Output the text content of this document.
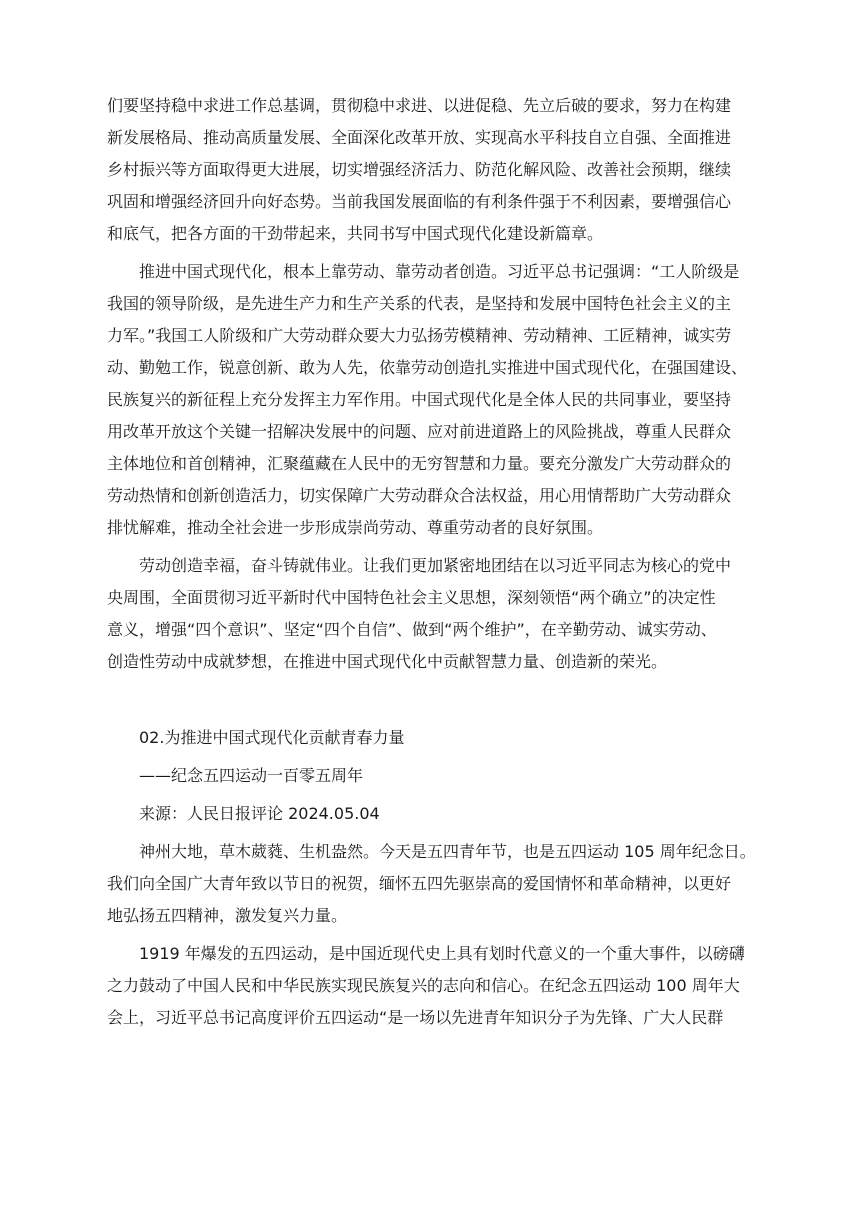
们要坚持稳中求进工作总基调，贯彻稳中求进、以进促稳、先立后破的要求，努力在构建
新发展格局、推动高质量发展、全面深化改革开放、实现高水平科技自立自强、全面推进
乡村振兴等方面取得更大进展，切实增强经济活力、防范化解风险、改善社会预期，继续
巩固和增强经济回升向好态势。当前我国发展面临的有利条件强于不利因素，要增强信心
和底气，把各方面的干劲带起来，共同书写中国式现代化建设新篇章。
推进中国式现代化，根本上靠劳动、靠劳动者创造。习近平总书记强调：“工人阶级是
我国的领导阶级，是先进生产力和生产关系的代表，是坚持和发展中国特色社会主义的主
力军。”我国工人阶级和广大劳动群众要大力弘扬劳模精神、劳动精神、工匠精神，诚实劳
动、勤勉工作，锐意创新、敢为人先，依靠劳动创造扎实推进中国式现代化，在强国建设、
民族复兴的新征程上充分发挥主力军作用。中国式现代化是全体人民的共同事业，要坚持
用改革开放这个关键一招解决发展中的问题、应对前进道路上的风险挑战，尊重人民群众
主体地位和首创精神，汇聚蕴藏在人民中的无穷智慧和力量。要充分激发广大劳动群众的
劳动热情和创新创造活力，切实保障广大劳动群众合法权益，用心用情帮助广大劳动群众
排忧解难，推动全社会进一步形成崇尚劳动、尊重劳动者的良好氛围。
劳动创造幸福，奋斗铸就伟业。让我们更加紧密地团结在以习近平同志为核心的党中
央周围，全面贯彻习近平新时代中国特色社会主义思想，深刻领悟“两个确立”的决定性
意义，增强“四个意识”、坚定“四个自信”、做到“两个维护”，在辛勤劳动、诚实劳动、
创造性劳动中成就梦想，在推进中国式现代化中贡献智慧力量、创造新的荣光。
02.为推进中国式现代化贡献青春力量
——纪念五四运动一百零五周年
来源：人民日报评论 2024.05.04
神州大地，草木葳蕤、生机盎然。今天是五四青年节，也是五四运动 105 周年纪念日。
我们向全国广大青年致以节日的祝贺，缅怀五四先驱崇高的爱国情怀和革命精神，以更好
地弘扬五四精神，激发复兴力量。
1919 年爆发的五四运动，是中国近现代史上具有划时代意义的一个重大事件，以磅礴
之力鼓动了中国人民和中华民族实现民族复兴的志向和信心。在纪念五四运动 100 周年大
会上，习近平总书记高度评价五四运动“是一场以先进青年知识分子为先锋、广大人民群
